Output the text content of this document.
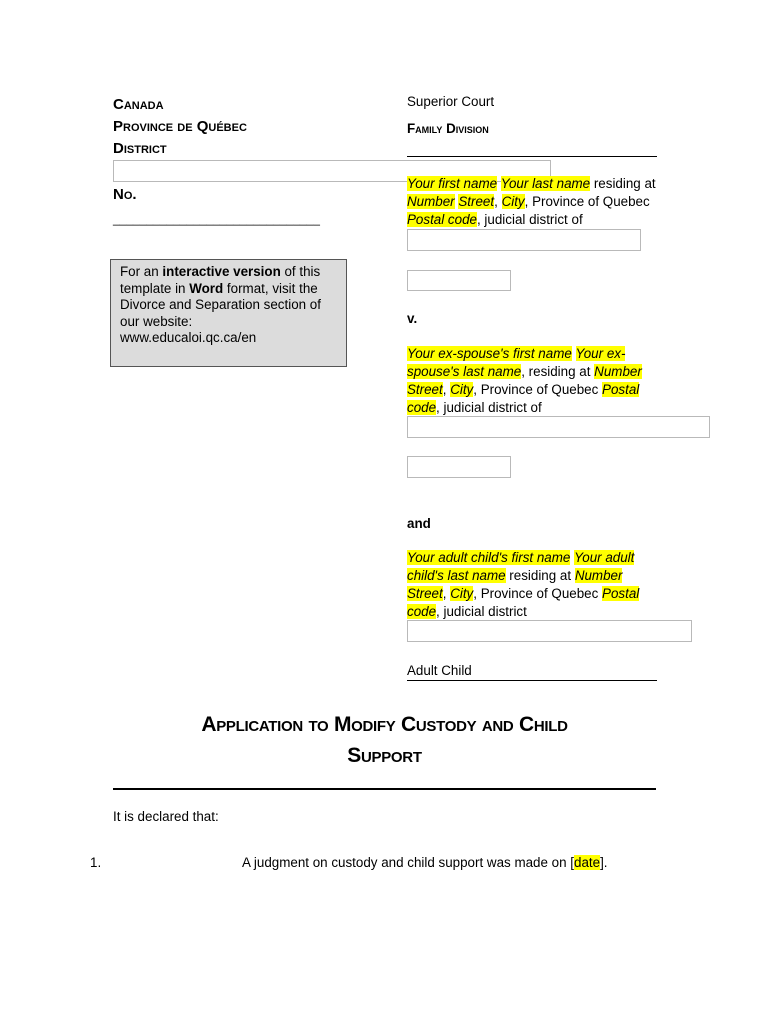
Canada
Province de Québec
District
No.
_______________________________
For an interactive version of this template in Word format, visit the Divorce and Separation section of our website:
www.educaloi.qc.ca/en
Superior Court
Family Division
Your first name Your last name residing at Number Street, City, Province of Quebec Postal code, judicial district of
v.
Your ex-spouse's first name Your ex-spouse's last name, residing at Number Street, City, Province of Quebec Postal code, judicial district of
and
Your adult child's first name Your adult child's last name residing at Number Street, City, Province of Quebec Postal code, judicial district
Adult Child
Application to Modify Custody and Child
Support
It is declared that:
1.	A judgment on custody and child support was made on [date].
